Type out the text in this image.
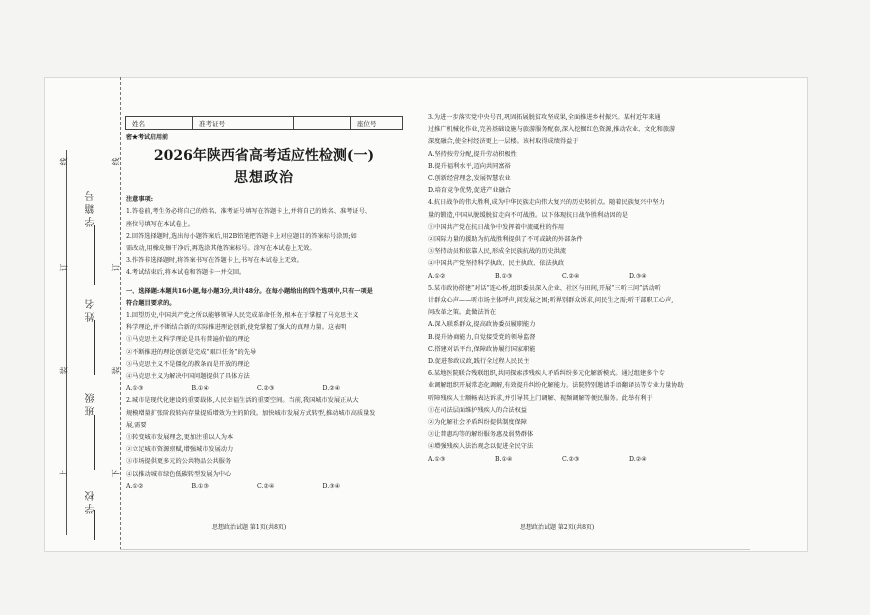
线
订
装
上
线
订
装
下
学籍号
姓名
班级
学校
姓名	准考证号	座位号

密★考试启用前

2026年陕西省高考适应性检测(一)

思想政治

注意事项:

1.答卷前,考生务必将自己的姓名、准考证号填写在答题卡上,并将自己的姓名、准考证号、

座位号填写在本试卷上。

2.回答选择题时,选出每小题答案后,用2B铅笔把答题卡上对应题目的答案标号涂黑;如

需改动,用橡皮擦干净后,再选涂其他答案标号。涂写在本试卷上无效。

3.作答非选择题时,将答案书写在答题卡上,书写在本试卷上无效。

4.考试结束后,将本试卷和答题卡一并交回。

一、选择题:本题共16小题,每小题3分,共计48分。在每小题给出的四个选项中,只有一项是

符合题目要求的。

1.回望历史,中国共产党之所以能够领导人民完成革命任务,根本在于掌握了马克思主义

科学理论,并不断结合新的实际推进理论创新,使党掌握了强大的真理力量。这表明

①马克思主义科学理论是具有普遍价值的理论

②不断推进的理论创新是完成“艰巨任务”的先导

③马克思主义不是僵化的教条而是开放的理论

④马克思主义为解决中国问题提供了具体方法

A.①③	B.①④	C.②③	D.②④

2.城市是现代化建设的重要载体,人民幸福生活的重要空间。当前,我国城市发展正从大

规模增量扩张阶段转向存量提质增效为主的阶段。加快城市发展方式转型,推动城市高质量发

展,需要

①转变城市发展理念,更加注重以人为本

②立足城市资源禀赋,增强城市发展动力

③市场提供更多元的公共物品公共服务

④以推动城市绿色低碳转型发展为中心

A.①②	B.①③	C.②④	D.③④

3.为进一步落实党中央号召,巩固拓展脱贫攻坚成果,全面推进乡村振兴。某村近年来通

过推广机械化作业,完善基础设施与旅游服务配套,深入挖掘红色资源,推动农业、文化和旅游

深度融合,使全村经济更上一层楼。该村取得成绩得益于

A.坚持按劳分配,提升劳动积极性

B.提升福利水平,迈向共同富裕

C.创新经营理念,发展智慧农业

D.培育竞争优势,促进产业融合

4.抗日战争的伟大胜利,成为中华民族走向伟大复兴的历史转折点。随着民族复兴中坚力

量的锻造,中国从脱缓脱贫走向不可战胜。以下体现抗日战争胜利动因的是

①中国共产党在抗日战争中发挥着中流砥柱的作用

②国际力量的援助为抗战胜利提供了不可或缺的外部条件

③坚持动员和依靠人民,形成全民族抗战的历史洪流

④中国共产党坚持科学执政、民主执政、依法执政

A.①②	B.①③	C.②④	D.③④

5.某市政协搭建“对话”连心桥,组织委员深入企业、社区与田间,开展“三听三问”活动听

计群众心声——听市场主体呼声,问发展之困;听界别群众诉求,问民生之需;听干部职工心声,

问改革之策。此做法旨在

A.深入联系群众,提高政协委员履职能力

B.提升协商能力,自觉接受党的领导监督

C.搭建对话平台,保障政协履行国家职能

D.促进参政议政,践行全过程人民民主

6.某地医院联合残联组织,共同探索涉残疾人矛盾纠纷多元化解新模式。通过组建多个专

业调解组织开展常态化调解,有效提升纠纷化解能力。法院特别邀请手语翻译员等专业力量协助

听障残疾人士顺畅表达诉求,并引导其上门调解、视频调解等便民服务。此举有利于

①在司法层面维护残疾人的合法权益

②为化解社会矛盾纠纷提供制度保障

③让普惠均等的解纷服务惠及弱势群体

④增强残疾人法治观念以促进全民守法

A.①③	B.①④	C.②③	D.②④
思想政治试题 第1页(共8页)	思想政治试题 第2页(共8页)
